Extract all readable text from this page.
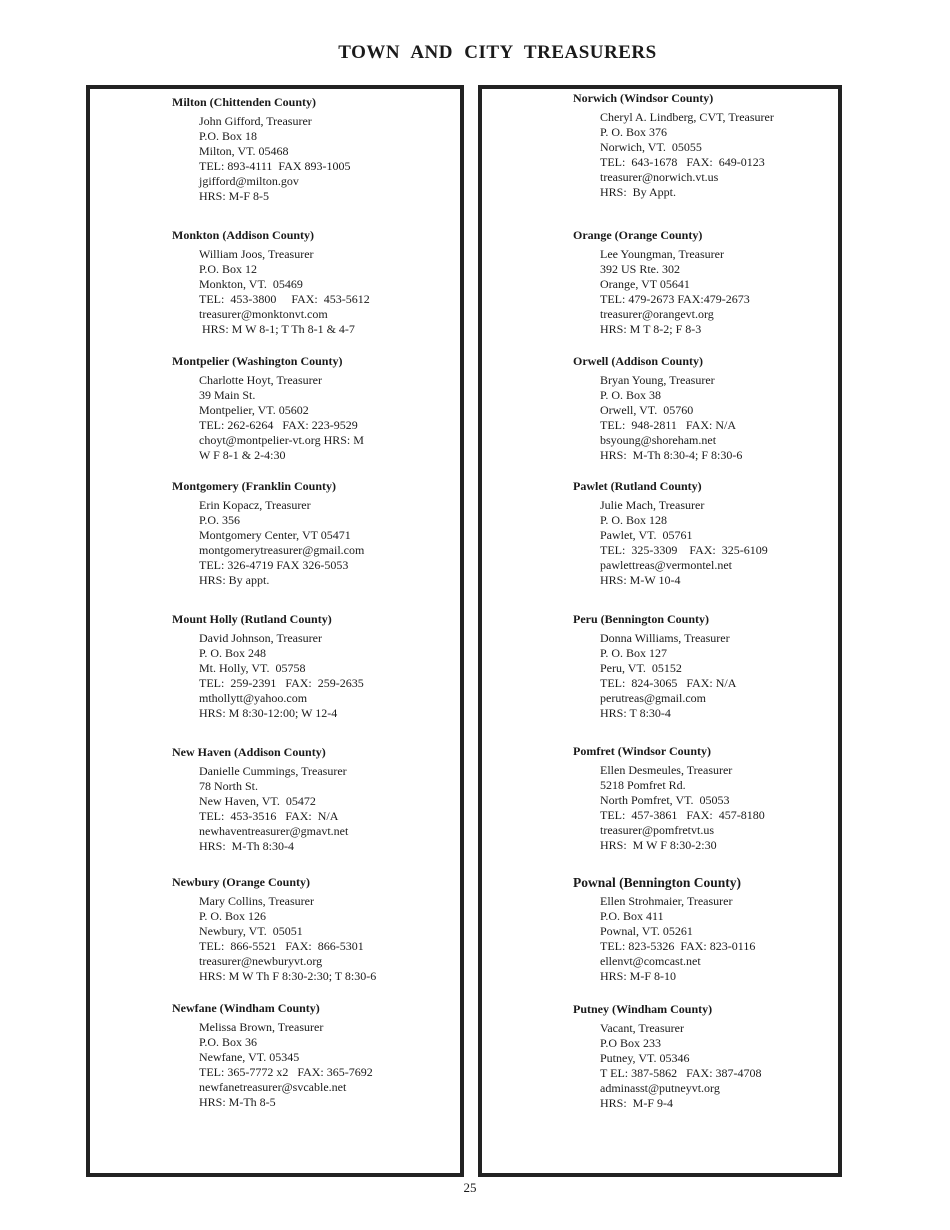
TOWN AND CITY TREASURERS
Milton (Chittenden County)
John Gifford, Treasurer
P.O. Box 18
Milton, VT. 05468
TEL: 893-4111  FAX 893-1005
jgifford@milton.gov
HRS: M-F 8-5
Monkton (Addison County)
William Joos, Treasurer
P.O. Box 12
Monkton, VT.  05469
TEL:  453-3800     FAX:  453-5612
treasurer@monktonvt.com
HRS: M W 8-1; T Th 8-1 & 4-7
Montpelier (Washington County)
Charlotte Hoyt, Treasurer
39 Main St.
Montpelier, VT. 05602
TEL: 262-6264   FAX: 223-9529
choyt@montpelier-vt.org HRS: M
W F 8-1 & 2-4:30
Montgomery (Franklin County)
Erin Kopacz, Treasurer
P.O. 356
Montgomery Center, VT 05471
montgomerytreasurer@gmail.com
TEL: 326-4719 FAX 326-5053
HRS: By appt.
Mount Holly (Rutland County)
David Johnson, Treasurer
P. O. Box 248
Mt. Holly, VT.  05758
TEL:  259-2391   FAX:  259-2635
mthollytt@yahoo.com
HRS: M 8:30-12:00; W 12-4
New Haven (Addison County)
Danielle Cummings, Treasurer
78 North St.
New Haven, VT.  05472
TEL:  453-3516   FAX:  N/A
newhaventreasurer@gmavt.net
HRS:  M-Th 8:30-4
Newbury (Orange County)
Mary Collins, Treasurer
P. O. Box 126
Newbury, VT.  05051
TEL:  866-5521   FAX:  866-5301
treasurer@newburyvt.org
HRS: M W Th F 8:30-2:30; T 8:30-6
Newfane (Windham County)
Melissa Brown, Treasurer
P.O. Box 36
Newfane, VT. 05345
TEL: 365-7772 x2   FAX: 365-7692
newfanetreasurer@svcable.net
HRS: M-Th 8-5
Norwich (Windsor County)
Cheryl A. Lindberg, CVT, Treasurer
P. O. Box 376
Norwich, VT.  05055
TEL:  643-1678   FAX:  649-0123
treasurer@norwich.vt.us
HRS:  By Appt.
Orange (Orange County)
Lee Youngman, Treasurer
392 US Rte. 302
Orange, VT 05641
TEL: 479-2673 FAX:479-2673
treasurer@orangevt.org
HRS: M T 8-2; F 8-3
Orwell (Addison County)
Bryan Young, Treasurer
P. O. Box 38
Orwell, VT.  05760
TEL:  948-2811   FAX: N/A
bsyoung@shoreham.net
HRS:  M-Th 8:30-4; F 8:30-6
Pawlet (Rutland County)
Julie Mach, Treasurer
P. O. Box 128
Pawlet, VT.  05761
TEL:  325-3309    FAX:  325-6109
pawlettreas@vermontel.net
HRS: M-W 10-4
Peru (Bennington County)
Donna Williams, Treasurer
P. O. Box 127
Peru, VT.  05152
TEL:  824-3065   FAX: N/A
perutreas@gmail.com
HRS: T 8:30-4
Pomfret (Windsor County)
Ellen Desmeules, Treasurer
5218 Pomfret Rd.
North Pomfret, VT.  05053
TEL:  457-3861   FAX:  457-8180
treasurer@pomfretvt.us
HRS:  M W F 8:30-2:30
Pownal (Bennington County)
Ellen Strohmaier, Treasurer
P.O. Box 411
Pownal, VT. 05261
TEL: 823-5326  FAX: 823-0116
ellenvt@comcast.net
HRS: M-F 8-10
Putney (Windham County)
Vacant, Treasurer
P.O Box 233
Putney, VT. 05346
T EL: 387-5862   FAX: 387-4708
adminasst@putneyvt.org
HRS:  M-F 9-4
25
